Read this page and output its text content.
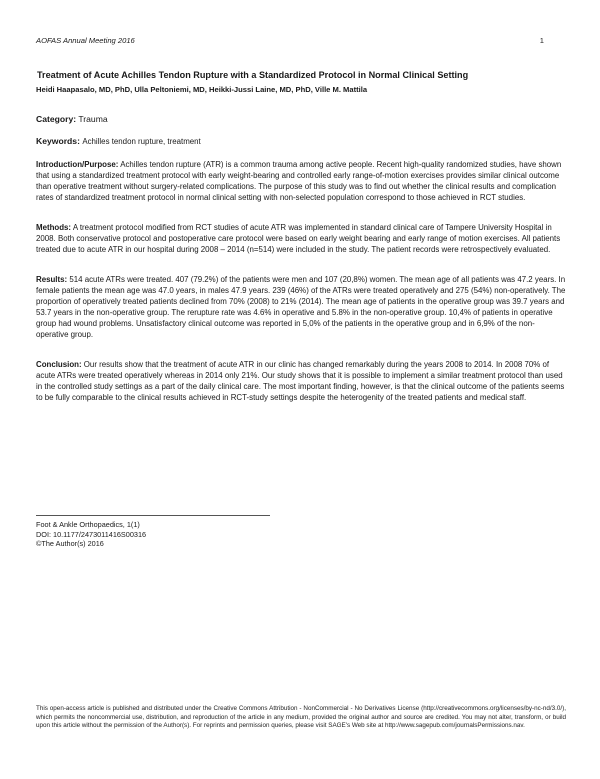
AOFAS Annual Meeting 2016	1
Treatment of Acute Achilles Tendon Rupture with a Standardized Protocol in Normal Clinical Setting

Heidi Haapasalo, MD, PhD, Ulla Peltoniemi, MD, Heikki-Jussi Laine, MD, PhD, Ville M. Mattila

Category: Trauma
Keywords: Achilles tendon rupture, treatment
Introduction/Purpose: Achilles tendon rupture (ATR) is a common trauma among active people. Recent high-quality randomized studies, have shown that using a standardized treatment protocol with early weight-bearing and controlled early range-of-motion exercises provides similar clinical outcome than operative treatment without surgery-related complications. The purpose of this study was to find out whether the clinical results and complication rates of standardized treatment protocol in normal clinical setting with non-selected population correspond to those achieved in RCT studies.
Methods: A treatment protocol modified from RCT studies of acute ATR was implemented in standard clinical care of Tampere University Hospital in 2008. Both conservative protocol and postoperative care protocol were based on early weight bearing and early range of motion exercises. All patients treated due to acute ATR in our hospital during 2008 – 2014 (n=514) were included in the study. The patient records were retrospectively evaluated.
Results: 514 acute ATRs were treated. 407 (79.2%) of the patients were men and 107 (20,8%) women. The mean age of all patients was 47.2 years. In female patients the mean age was 47.0 years, in males 47.9 years. 239 (46%) of the ATRs were treated operatively and 275 (54%) non-operatively. The proportion of operatively treated patients declined from 70% (2008) to 21% (2014). The mean age of patients in the operative group was 39.7 years and 53.7 years in the non-operative group. The rerupture rate was 4.6% in operative and 5.8% in the non-operative group. 10,4% of patients in operative group had wound problems. Unsatisfactory clinical outcome was reported in 5,0% of the patients in the operative group and in 6,9% of the non-operative group.
Conclusion: Our results show that the treatment of acute ATR in our clinic has changed remarkably during the years 2008 to 2014. In 2008 70% of acute ATRs were treated operatively whereas in 2014 only 21%. Our study shows that it is possible to implement a similar treatment protocol than used in the controlled study settings as a part of the daily clinical care. The most important finding, however, is that the clinical outcome of the patients seems to be fully comparable to the clinical results achieved in RCT-study settings despite the heterogenity of the treated patients and medical staff.
Foot & Ankle Orthopaedics, 1(1)
DOI: 10.1177/2473011416S00316
©The Author(s) 2016
This open-access article is published and distributed under the Creative Commons Attribution - NonCommercial - No Derivatives License (http://creativecommons.org/licenses/by-nc-nd/3.0/), which permits the noncommercial use, distribution, and reproduction of the article in any medium, provided the original author and source are credited. You may not alter, transform, or build upon this article without the permission of the Author(s). For reprints and permission queries, please visit SAGE's Web site at http://www.sagepub.com/journalsPermissions.nav.
